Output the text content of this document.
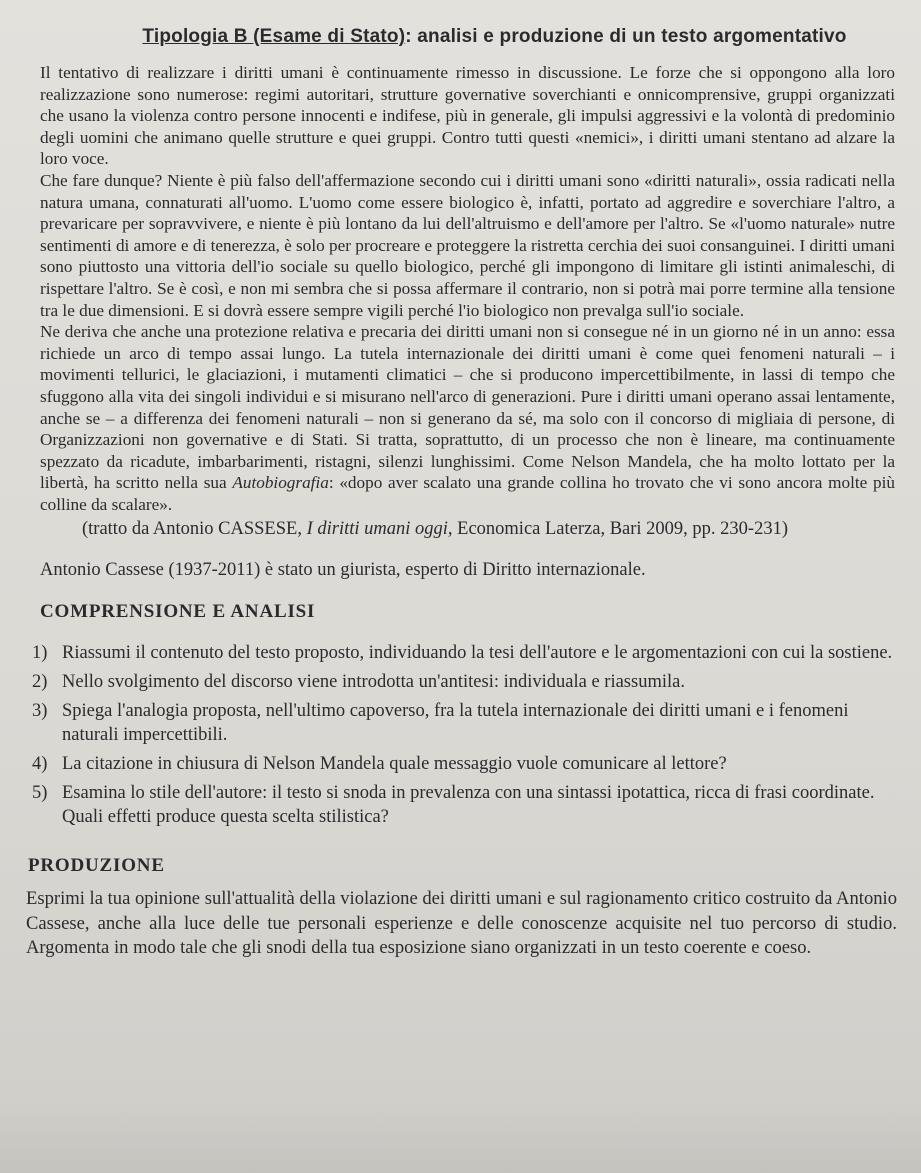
Tipologia B (Esame di Stato): analisi e produzione di un testo argomentativo

Il tentativo di realizzare i diritti umani è continuamente rimesso in discussione. Le forze che si oppongono alla loro realizzazione sono numerose: regimi autoritari, strutture governative soverchianti e onnicomprensive, gruppi organizzati che usano la violenza contro persone innocenti e indifese, più in generale, gli impulsi aggressivi e la volontà di predominio degli uomini che animano quelle strutture e quei gruppi. Contro tutti questi «nemici», i diritti umani stentano ad alzare la loro voce.

Che fare dunque? Niente è più falso dell'affermazione secondo cui i diritti umani sono «diritti naturali», ossia radicati nella natura umana, connaturati all'uomo. L'uomo come essere biologico è, infatti, portato ad aggredire e soverchiare l'altro, a prevaricare per sopravvivere, e niente è più lontano da lui dell'altruismo e dell'amore per l'altro. Se «l'uomo naturale» nutre sentimenti di amore e di tenerezza, è solo per procreare e proteggere la ristretta cerchia dei suoi consanguinei. I diritti umani sono piuttosto una vittoria dell'io sociale su quello biologico, perché gli impongono di limitare gli istinti animaleschi, di rispettare l'altro. Se è così, e non mi sembra che si possa affermare il contrario, non si potrà mai porre termine alla tensione tra le due dimensioni. E si dovrà essere sempre vigili perché l'io biologico non prevalga sull'io sociale.

Ne deriva che anche una protezione relativa e precaria dei diritti umani non si consegue né in un giorno né in un anno: essa richiede un arco di tempo assai lungo. La tutela internazionale dei diritti umani è come quei fenomeni naturali – i movimenti tellurici, le glaciazioni, i mutamenti climatici – che si producono impercettibilmente, in lassi di tempo che sfuggono alla vita dei singoli individui e si misurano nell'arco di generazioni. Pure i diritti umani operano assai lentamente, anche se – a differenza dei fenomeni naturali – non si generano da sé, ma solo con il concorso di migliaia di persone, di Organizzazioni non governative e di Stati. Si tratta, soprattutto, di un processo che non è lineare, ma continuamente spezzato da ricadute, imbarbarimenti, ristagni, silenzi lunghissimi. Come Nelson Mandela, che ha molto lottato per la libertà, ha scritto nella sua Autobiografia: «dopo aver scalato una grande collina ho trovato che vi sono ancora molte più colline da scalare».

(tratto da Antonio CASSESE, I diritti umani oggi, Economica Laterza, Bari 2009, pp. 230-231)
Antonio Cassese (1937-2011) è stato un giurista, esperto di Diritto internazionale.
COMPRENSIONE E ANALISI
1) Riassumi il contenuto del testo proposto, individuando la tesi dell'autore e le argomentazioni con cui la sostiene.
2) Nello svolgimento del discorso viene introdotta un'antitesi: individuala e riassumila.
3) Spiega l'analogia proposta, nell'ultimo capoverso, fra la tutela internazionale dei diritti umani e i fenomeni naturali impercettibili.
4) La citazione in chiusura di Nelson Mandela quale messaggio vuole comunicare al lettore?
5) Esamina lo stile dell'autore: il testo si snoda in prevalenza con una sintassi ipotattica, ricca di frasi coordinate. Quali effetti produce questa scelta stilistica?
PRODUZIONE
Esprimi la tua opinione sull'attualità della violazione dei diritti umani e sul ragionamento critico costruito da Antonio Cassese, anche alla luce delle tue personali esperienze e delle conoscenze acquisite nel tuo percorso di studio. Argomenta in modo tale che gli snodi della tua esposizione siano organizzati in un testo coerente e coeso.
